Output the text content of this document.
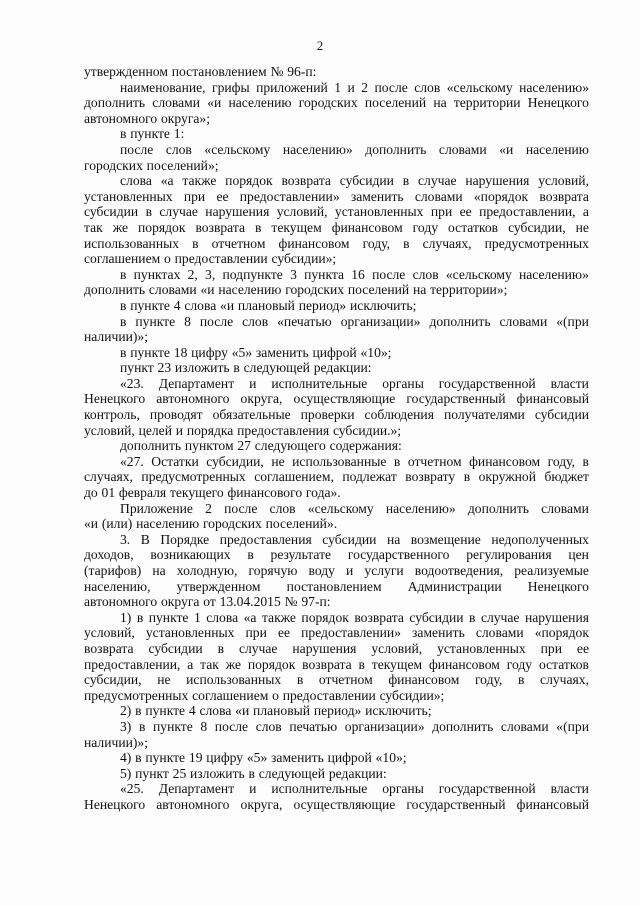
2
утвержденном постановлением № 96-п:
наименование, грифы приложений 1 и 2 после слов «сельскому населению»
дополнить словами «и населению городских поселений на территории Ненецкого
автономного округа»;
в пункте 1:
после слов «сельскому населению» дополнить словами «и населению
городских поселений»;
слова «а также порядок возврата субсидии в случае нарушения условий,
установленных при ее предоставлении» заменить словами «порядок возврата
субсидии в случае нарушения условий, установленных при ее предоставлении, а
так же порядок возврата в текущем финансовом году остатков субсидии, не
использованных в отчетном финансовом году, в случаях, предусмотренных
соглашением о предоставлении субсидии»;
в пунктах 2, 3, подпункте 3 пункта 16 после слов «сельскому населению»
дополнить словами «и населению городских поселений на территории»;
в пункте 4 слова «и плановый период» исключить;
в пункте 8 после слов «печатью организации» дополнить словами «(при
наличии)»;
в пункте 18 цифру «5» заменить цифрой «10»;
пункт 23 изложить в следующей редакции:
«23. Департамент и исполнительные органы государственной власти
Ненецкого автономного округа, осуществляющие государственный финансовый
контроль, проводят обязательные проверки соблюдения получателями субсидии
условий, целей и порядка предоставления субсидии.»;
дополнить пунктом 27 следующего содержания:
«27. Остатки субсидии, не использованные в отчетном финансовом году, в
случаях, предусмотренных соглашением, подлежат возврату в окружной бюджет
до 01 февраля текущего финансового года».
Приложение 2 после слов «сельскому населению» дополнить словами
«и (или) населению городских поселений».
3. В Порядке предоставления субсидии на возмещение недополученных
доходов, возникающих в результате государственного регулирования цен
(тарифов) на холодную, горячую воду и услуги водоотведения, реализуемые
населению, утвержденном постановлением Администрации Ненецкого
автономного округа от 13.04.2015 № 97-п:
1) в пункте 1 слова «а также порядок возврата субсидии в случае нарушения
условий, установленных при ее предоставлении» заменить словами «порядок
возврата субсидии в случае нарушения условий, установленных при ее
предоставлении, а так же порядок возврата в текущем финансовом году остатков
субсидии, не использованных в отчетном финансовом году, в случаях,
предусмотренных соглашением о предоставлении субсидии»;
2) в пункте 4 слова «и плановый период» исключить;
3) в пункте 8 после слов печатью организации» дополнить словами «(при
наличии)»;
4) в пункте 19 цифру «5» заменить цифрой «10»;
5) пункт 25 изложить в следующей редакции:
«25. Департамент и исполнительные органы государственной власти
Ненецкого автономного округа, осуществляющие государственный финансовый
